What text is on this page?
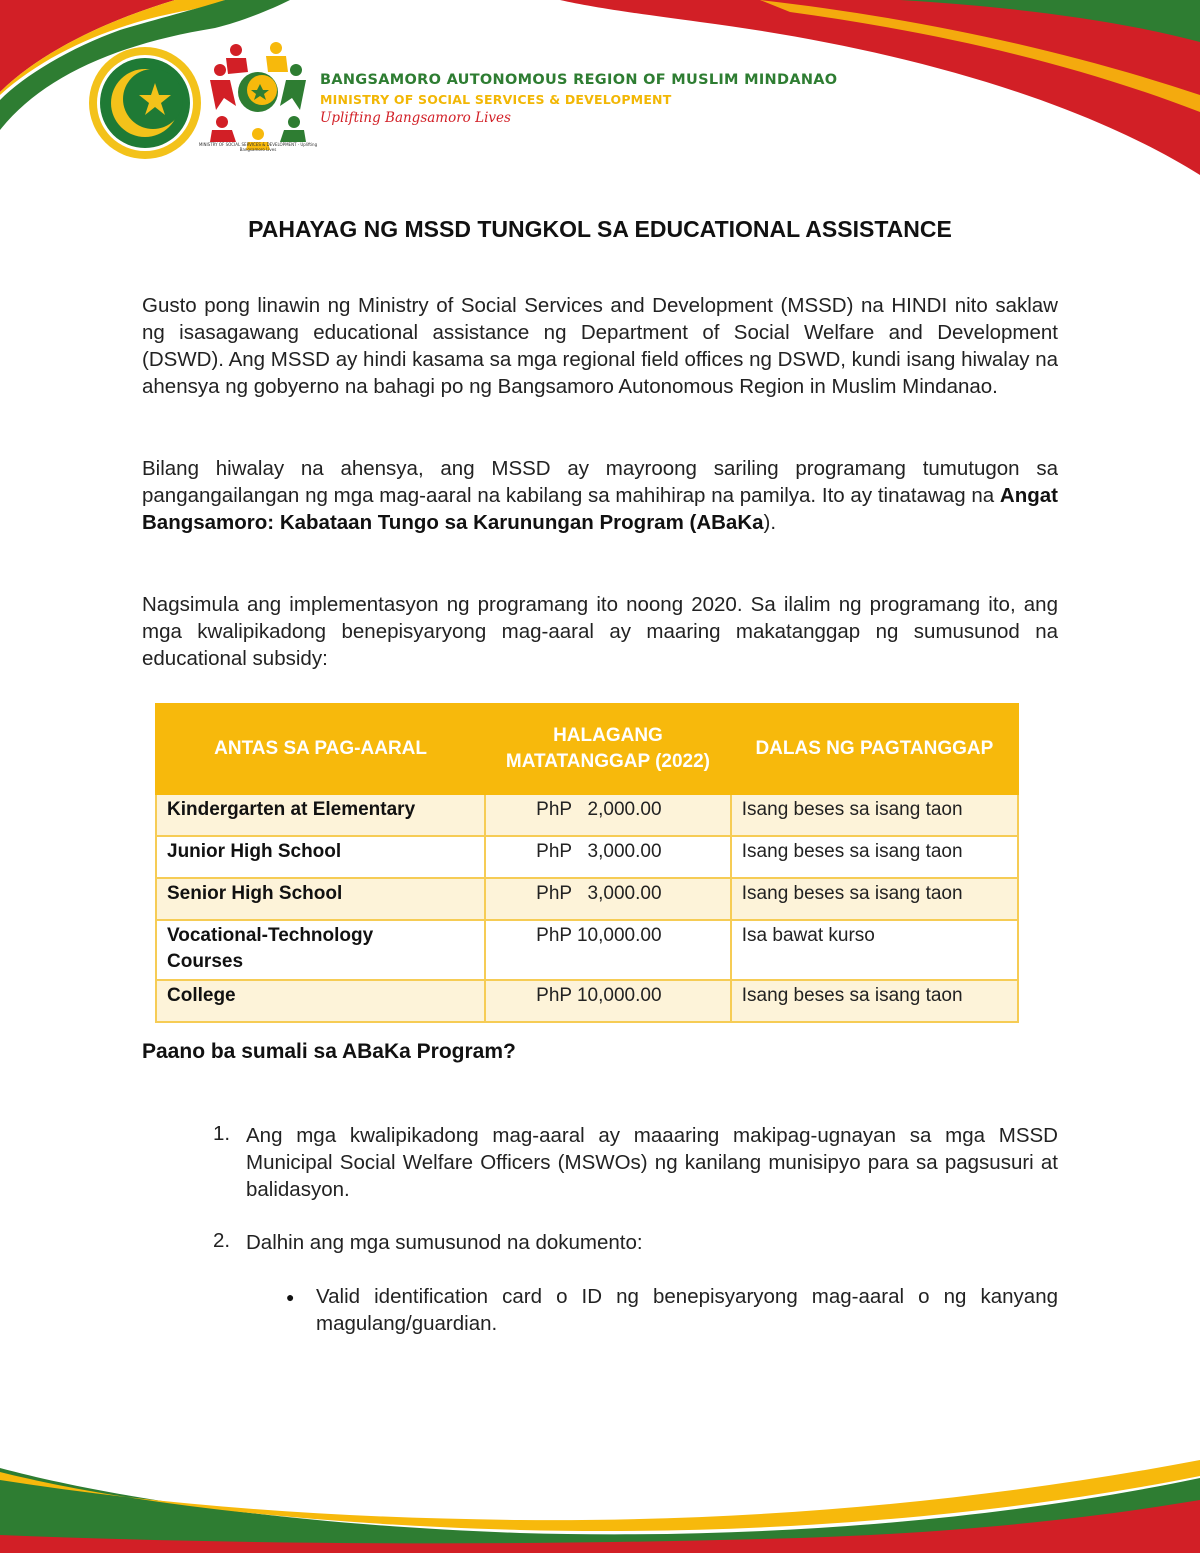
MINISTRY OF SOCIAL SERVICES & DEVELOPMENT · Uplifting Bangsamoro Lives
BANGSAMORO AUTONOMOUS REGION OF MUSLIM MINDANAO
MINISTRY OF SOCIAL SERVICES & DEVELOPMENT
Uplifting Bangsamoro Lives
PAHAYAG NG MSSD TUNGKOL SA EDUCATIONAL ASSISTANCE
Gusto pong linawin ng Ministry of Social Services and Development (MSSD) na HINDI nito saklaw ng isasagawang educational assistance ng Department of Social Welfare and Development (DSWD). Ang MSSD ay hindi kasama sa mga regional field offices ng DSWD, kundi isang hiwalay na ahensya ng gobyerno na bahagi po ng Bangsamoro Autonomous Region in Muslim Mindanao.
Bilang hiwalay na ahensya, ang MSSD ay mayroong sariling programang tumutugon sa pangangailangan ng mga mag-aaral na kabilang sa mahihirap na pamilya. Ito ay tinatawag na Angat Bangsamoro: Kabataan Tungo sa Karunungan Program (ABaKa).
Nagsimula ang implementasyon ng programang ito noong 2020. Sa ilalim ng programang ito, ang mga kwalipikadong benepisyaryong mag-aaral ay maaring makatanggap ng sumusunod na educational subsidy:
ANTAS SA PAG-AARAL	HALAGANG MATATANGGAP (2022)	DALAS NG PAGTANGGAP
Kindergarten at Elementary	PhP   2,000.00	Isang beses sa isang taon
Junior High School	PhP   3,000.00	Isang beses sa isang taon
Senior High School	PhP   3,000.00	Isang beses sa isang taon
Vocational-Technology Courses	PhP 10,000.00	Isa bawat kurso
College	PhP 10,000.00	Isang beses sa isang taon
Paano ba sumali sa ABaKa Program?
1. Ang mga kwalipikadong mag-aaral ay maaaring makipag-ugnayan sa mga MSSD Municipal Social Welfare Officers (MSWOs) ng kanilang munisipyo para sa pagsusuri at balidasyon.
2. Dalhin ang mga sumusunod na dokumento:
● Valid identification card o ID ng benepisyaryong mag-aaral o ng kanyang magulang/guardian.
